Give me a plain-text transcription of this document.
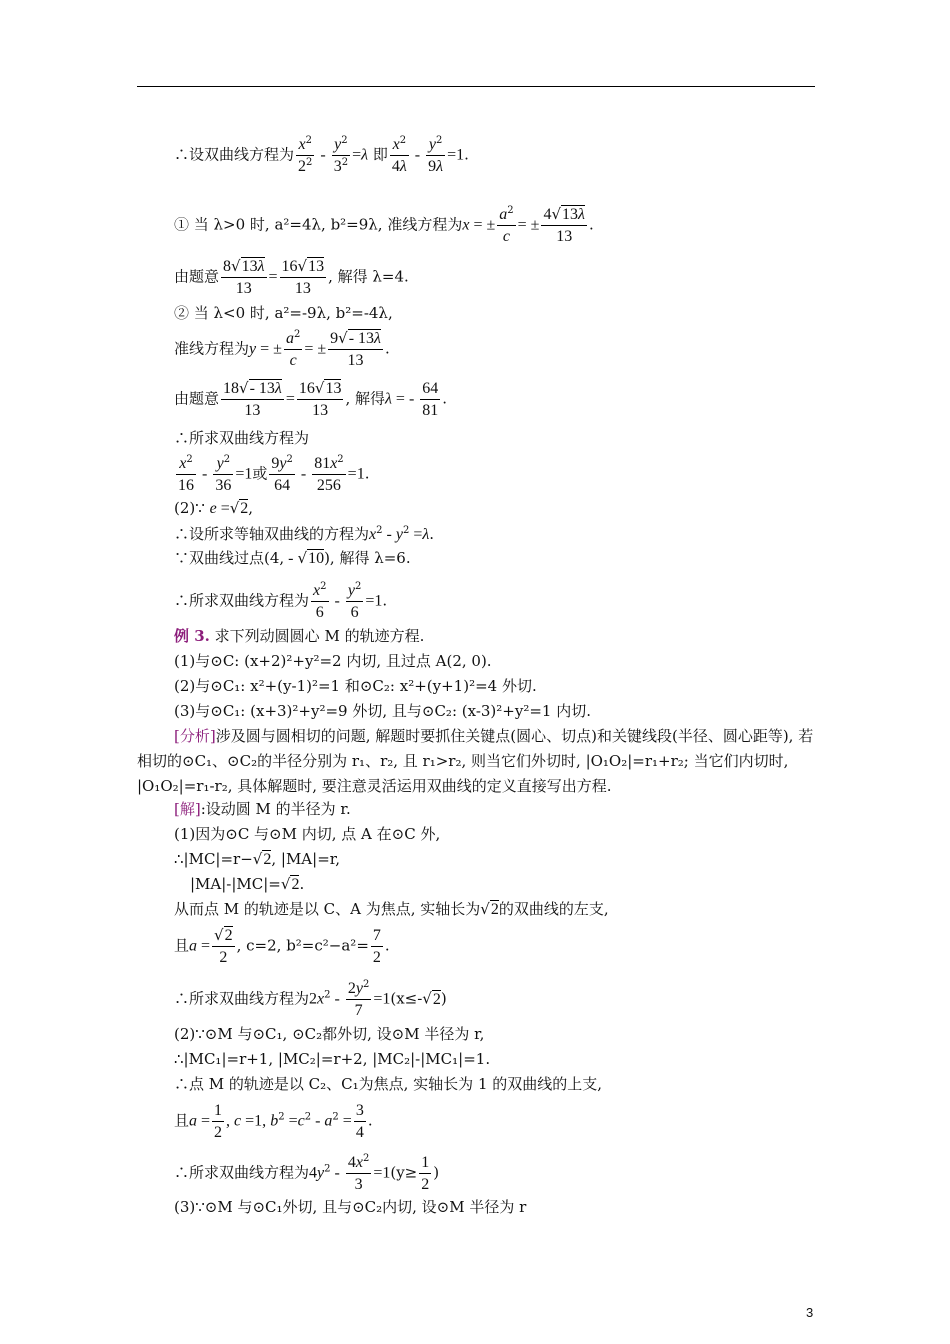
∴设双曲线方程为 $\frac{x^2}{2^2} - \frac{y^2}{3^2} =\lambda$ 即 $\frac{x^2}{4\lambda} - \frac{y^2}{9\lambda} =1$.
① 当 λ>0 时, a²=4λ, b²=9λ, 准线方程为x = ± $\frac{a^2}{c}$ = ± $\frac{4√13\lambda}{13}$ .
由题意 $\frac{8√13\lambda}{13} = \frac{16√13}{13}$ , 解得 λ=4.
② 当 λ<0 时, a²=-9λ, b²=-4λ,
准线方程为y = ± $\frac{a^2}{c}$ = ± $\frac{9√- 13\lambda}{13}$ .
由题意 $\frac{18√- 13\lambda}{13} = \frac{16√13}{13}$ , 解得λ = - $\frac{64}{81}$ .
∴所求双曲线方程为
$\frac{x^2}{16} - \frac{y^2}{36} =1$或 $\frac{9y^2}{64} - \frac{81x^2}{256} =1$.
(2)∵ e =√2,
∴设所求等轴双曲线的方程为$x^2 - y^2 =\lambda$.
∵双曲线过点(4, - √10), 解得 λ=6.
∴所求双曲线方程为 $\frac{x^2}{6} - \frac{y^2}{6} =1$.
例 3. 求下列动圆圆心 M 的轨迹方程.
(1)与⊙C: (x+2)²+y²=2 内切, 且过点 A(2, 0).
(2)与⊙C₁: x²+(y-1)²=1 和⊙C₂: x²+(y+1)²=4 外切.
(3)与⊙C₁: (x+3)²+y²=9 外切, 且与⊙C₂: (x-3)²+y²=1 内切.
[分析]涉及圆与圆相切的问题, 解题时要抓住关键点(圆心、切点)和关键线段(半径、圆心距等), 若相切的⊙C₁、⊙C₂的半径分别为 r₁、r₂, 且 r₁>r₂, 则当它们外切时, |O₁O₂|=r₁+r₂; 当它们内切时, |O₁O₂|=r₁-r₂, 具体解题时, 要注意灵活运用双曲线的定义直接写出方程.
[解]:设动圆 M 的半径为 r.
(1)因为⊙C 与⊙M 内切, 点 A 在⊙C 外,
∴|MC|=r−√2, |MA|=r,
|MA|-|MC|=√2.
从而点 M 的轨迹是以 C、A 为焦点, 实轴长为√2的双曲线的左支,
且$a = \frac{√2}{2}$ , c=2, $b^2=c^2-a^2= \frac{7}{2}$ .
∴所求双曲线方程为$2x^2 - \frac{2y^2}{7} =1(x\le-√2)$
(2)∵⊙M 与⊙C₁, ⊙C₂都外切, 设⊙M 半径为 r,
∴|MC₁|=r+1, |MC₂|=r+2, |MC₂|-|MC₁|=1.
∴点 M 的轨迹是以 C₂、C₁为焦点, 实轴长为 1 的双曲线的上支,
且$a = \frac{1}{2}$ , c =1, $b^2 =c^2 - a^2 = \frac{3}{4}$ .
∴所求双曲线方程为$4y^2 - \frac{4x^2}{3} =1(y\ge \frac{1}{2}$ )
(3)∵⊙M 与⊙C₁外切, 且与⊙C₂内切, 设⊙M 半径为 r
3
